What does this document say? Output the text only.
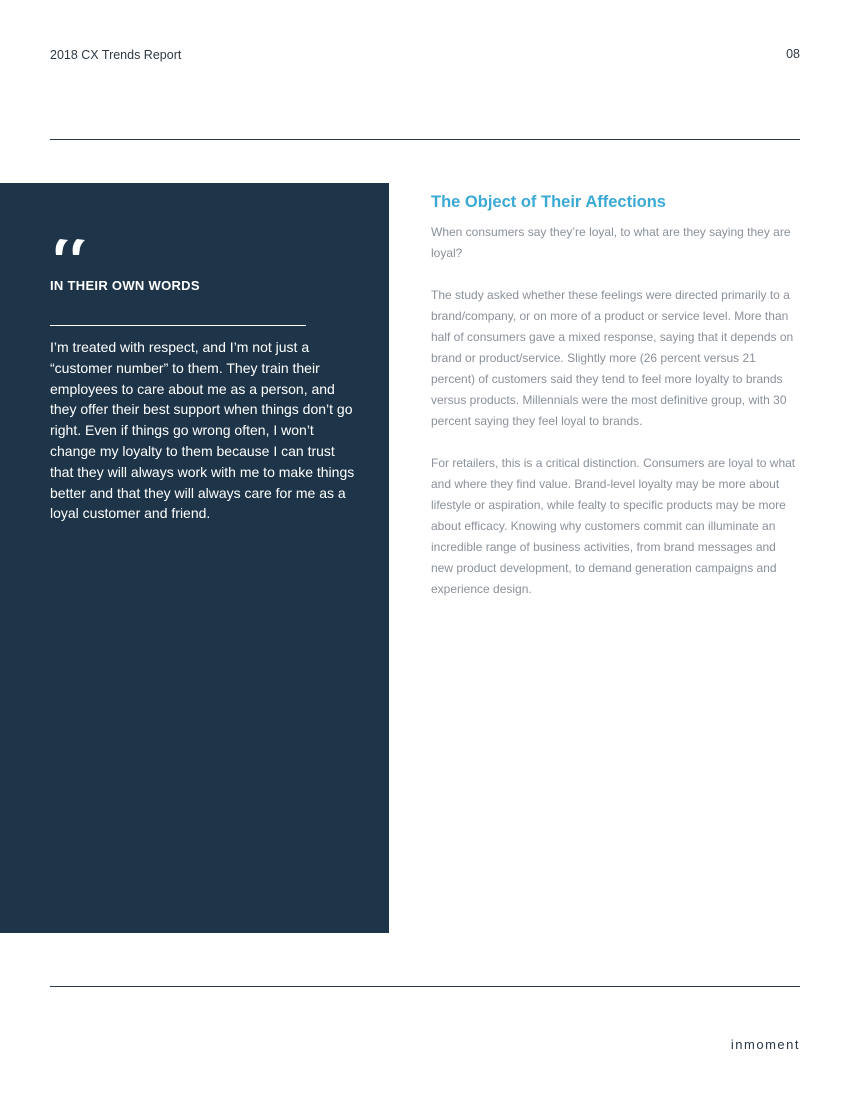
2018 CX Trends Report	08
IN THEIR OWN WORDS
I’m treated with respect, and I’m not just a “customer number” to them. They train their employees to care about me as a person, and they offer their best support when things don’t go right. Even if things go wrong often, I won’t change my loyalty to them because I can trust that they will always work with me to make things better and that they will always care for me as a loyal customer and friend.
The Object of Their Affections

When consumers say they’re loyal, to what are they saying they are loyal?

The study asked whether these feelings were directed primarily to a brand/company, or on more of a product or service level. More than half of consumers gave a mixed response, saying that it depends on brand or product/service. Slightly more (26 percent versus 21 percent) of customers said they tend to feel more loyalty to brands versus products. Millennials were the most definitive group, with 30 percent saying they feel loyal to brands.

For retailers, this is a critical distinction. Consumers are loyal to what and where they find value. Brand-level loyalty may be more about lifestyle or aspiration, while fealty to specific products may be more about efficacy. Knowing why customers commit can illuminate an incredible range of business activities, from brand messages and new product development, to demand generation campaigns and experience design.

inmoment
